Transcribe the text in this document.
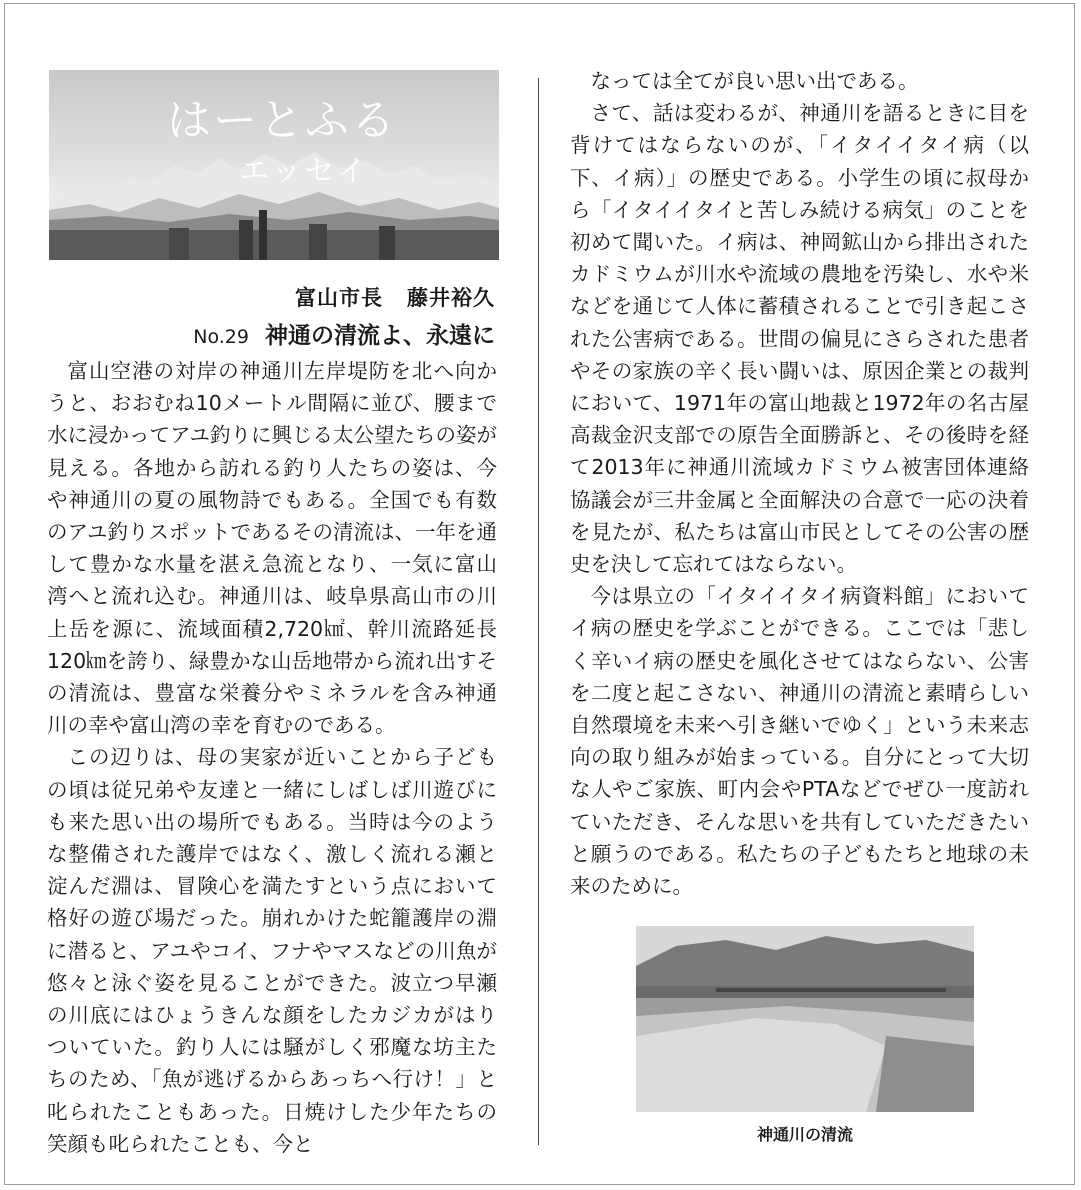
はーとふる
エッセイ
富山市長 藤井裕久
No.29 神通の清流よ、永遠に

富山空港の対岸の神通川左岸堤防を北へ向かうと、おおむね10メートル間隔に並び、腰まで水に浸かってアユ釣りに興じる太公望たちの姿が見える。各地から訪れる釣り人たちの姿は、今や神通川の夏の風物詩でもある。全国でも有数のアユ釣りスポットであるその清流は、一年を通して豊かな水量を湛え急流となり、一気に富山湾へと流れ込む。神通川は、岐阜県高山市の川上岳を源に、流域面積2,720㎢、幹川流路延長120㎞を誇り、緑豊かな山岳地帯から流れ出すその清流は、豊富な栄養分やミネラルを含み神通川の幸や富山湾の幸を育むのである。

この辺りは、母の実家が近いことから子どもの頃は従兄弟や友達と一緒にしばしば川遊びにも来た思い出の場所でもある。当時は今のような整備された護岸ではなく、激しく流れる瀬と淀んだ淵は、冒険心を満たすという点において格好の遊び場だった。崩れかけた蛇籠護岸の淵に潜ると、アユやコイ、フナやマスなどの川魚が悠々と泳ぐ姿を見ることができた。波立つ早瀬の川底にはひょうきんな顔をしたカジカがはりついていた。釣り人には騒がしく邪魔な坊主たちのため、「魚が逃げるからあっちへ行け！」と叱られたこともあった。日焼けした少年たちの笑顔も叱られたことも、今と

なっては全てが良い思い出である。

さて、話は変わるが、神通川を語るときに目を背けてはならないのが、「イタイイタイ病（以下、イ病）」の歴史である。小学生の頃に叔母から「イタイイタイと苦しみ続ける病気」のことを初めて聞いた。イ病は、神岡鉱山から排出されたカドミウムが川水や流域の農地を汚染し、水や米などを通じて人体に蓄積されることで引き起こされた公害病である。世間の偏見にさらされた患者やその家族の辛く長い闘いは、原因企業との裁判において、1971年の富山地裁と1972年の名古屋高裁金沢支部での原告全面勝訴と、その後時を経て2013年に神通川流域カドミウム被害団体連絡協議会が三井金属と全面解決の合意で一応の決着を見たが、私たちは富山市民としてその公害の歴史を決して忘れてはならない。

今は県立の「イタイイタイ病資料館」においてイ病の歴史を学ぶことができる。ここでは「悲しく辛いイ病の歴史を風化させてはならない、公害を二度と起こさない、神通川の清流と素晴らしい自然環境を未来へ引き継いでゆく」という未来志向の取り組みが始まっている。自分にとって大切な人やご家族、町内会やPTAなどでぜひ一度訪れていただき、そんな思いを共有していただきたいと願うのである。私たちの子どもたちと地球の未来のために。

神通川の清流
